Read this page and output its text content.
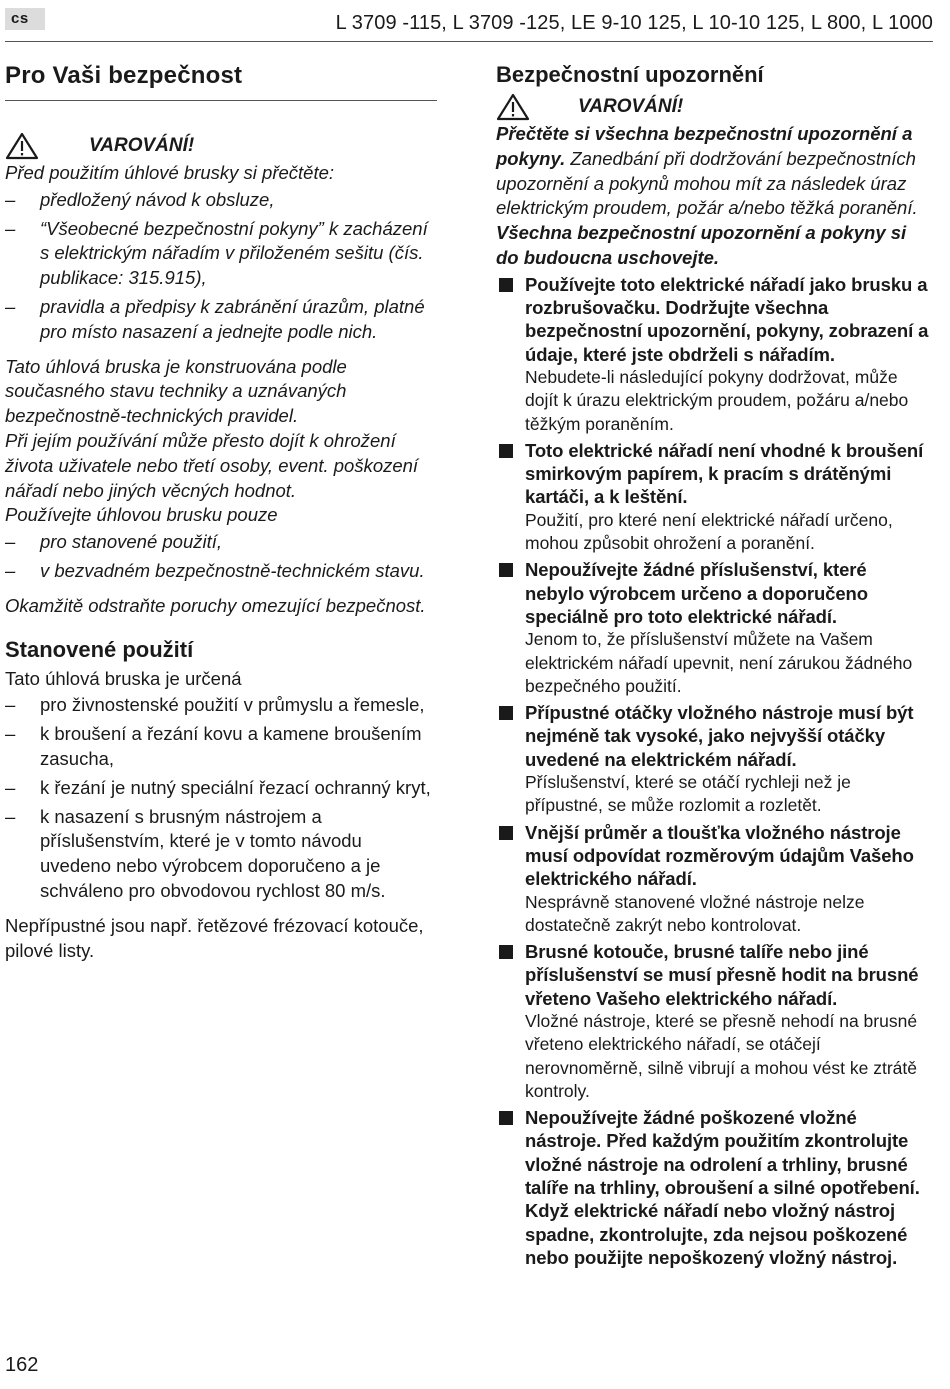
cs	L 3709 -115, L 3709 -125, LE 9-10 125, L 10-10 125, L 800, L 1000
Pro Vaši bezpečnost
VAROVÁNÍ!
Před použitím úhlové brusky si přečtěte:
– předložený návod k obsluze,
– “Všeobecné bezpečnostní pokyny” k zacházení s elektrickým nářadím v přiloženém sešitu (čís. publikace: 315.915),
– pravidla a předpisy k zabránění úrazům, platné pro místo nasazení a jednejte podle nich.
Tato úhlová bruska je konstruována podle současného stavu techniky a uznávaných bezpečnostně-technických pravidel.
Při jejím používání může přesto dojít k ohrožení života uživatele nebo třetí osoby, event. poškození nářadí nebo jiných věcných hodnot.
Používejte úhlovou brusku pouze
– pro stanovené použití,
– v bezvadném bezpečnostně-technickém stavu.
Okamžitě odstraňte poruchy omezující bezpečnost.
Stanovené použití
Tato úhlová bruska je určená
– pro živnostenské použití v průmyslu a řemesle,
– k broušení a řezání kovu a kamene broušením zasucha,
– k řezání je nutný speciální řezací ochranný kryt,
– k nasazení s brusným nástrojem a příslušenstvím, které je v tomto návodu uvedeno nebo výrobcem doporučeno a je schváleno pro obvodovou rychlost 80 m/s.
Nepřípustné jsou např. řetězové frézovací kotouče, pilové listy.
Bezpečnostní upozornění
VAROVÁNÍ!
Přečtěte si všechna bezpečnostní upozornění a pokyny. Zanedbání při dodržování bezpečnostních upozornění a pokynů mohou mít za následek úraz elektrickým proudem, požár a/nebo těžká poranění.
Všechna bezpečnostní upozornění a pokyny si do budoucna uschovejte.
Používejte toto elektrické nářadí jako brusku a rozbrušovačku. Dodržujte všechna bezpečnostní upozornění, pokyny, zobrazení a údaje, které jste obdrželi s nářadím.
Nebudete-li následující pokyny dodržovat, může dojít k úrazu elektrickým proudem, požáru a/nebo těžkým poraněním.
Toto elektrické nářadí není vhodné k broušení smirkovým papírem, k pracím s drátěnými kartáči, a k leštění.
Použití, pro které není elektrické nářadí určeno, mohou způsobit ohrožení a poranění.
Nepoužívejte žádné příslušenství, které nebylo výrobcem určeno a doporučeno speciálně pro toto elektrické nářadí.
Jenom to, že příslušenství můžete na Vašem elektrickém nářadí upevnit, není zárukou žádného bezpečného použití.
Přípustné otáčky vložného nástroje musí být nejméně tak vysoké, jako nejvyšší otáčky uvedené na elektrickém nářadí.
Příslušenství, které se otáčí rychleji než je přípustné, se může rozlomit a rozletět.
Vnější průměr a tloušťka vložného nástroje musí odpovídat rozměrovým údajům Vašeho elektrického nářadí.
Nesprávně stanovené vložné nástroje nelze dostatečně zakrýt nebo kontrolovat.
Brusné kotouče, brusné talíře nebo jiné příslušenství se musí přesně hodit na brusné vřeteno Vašeho elektrického nářadí.
Vložné nástroje, které se přesně nehodí na brusné vřeteno elektrického nářadí, se otáčejí nerovnoměrně, silně vibrují a mohou vést ke ztrátě kontroly.
Nepoužívejte žádné poškozené vložné nástroje. Před každým použitím zkontrolujte vložné nástroje na odrolení a trhliny, brusné talíře na trhliny, obroušení a silné opotřebení. Když elektrické nářadí nebo vložný nástroj spadne, zkontrolujte, zda nejsou poškozené nebo použijte nepoškozený vložný nástroj.
162
